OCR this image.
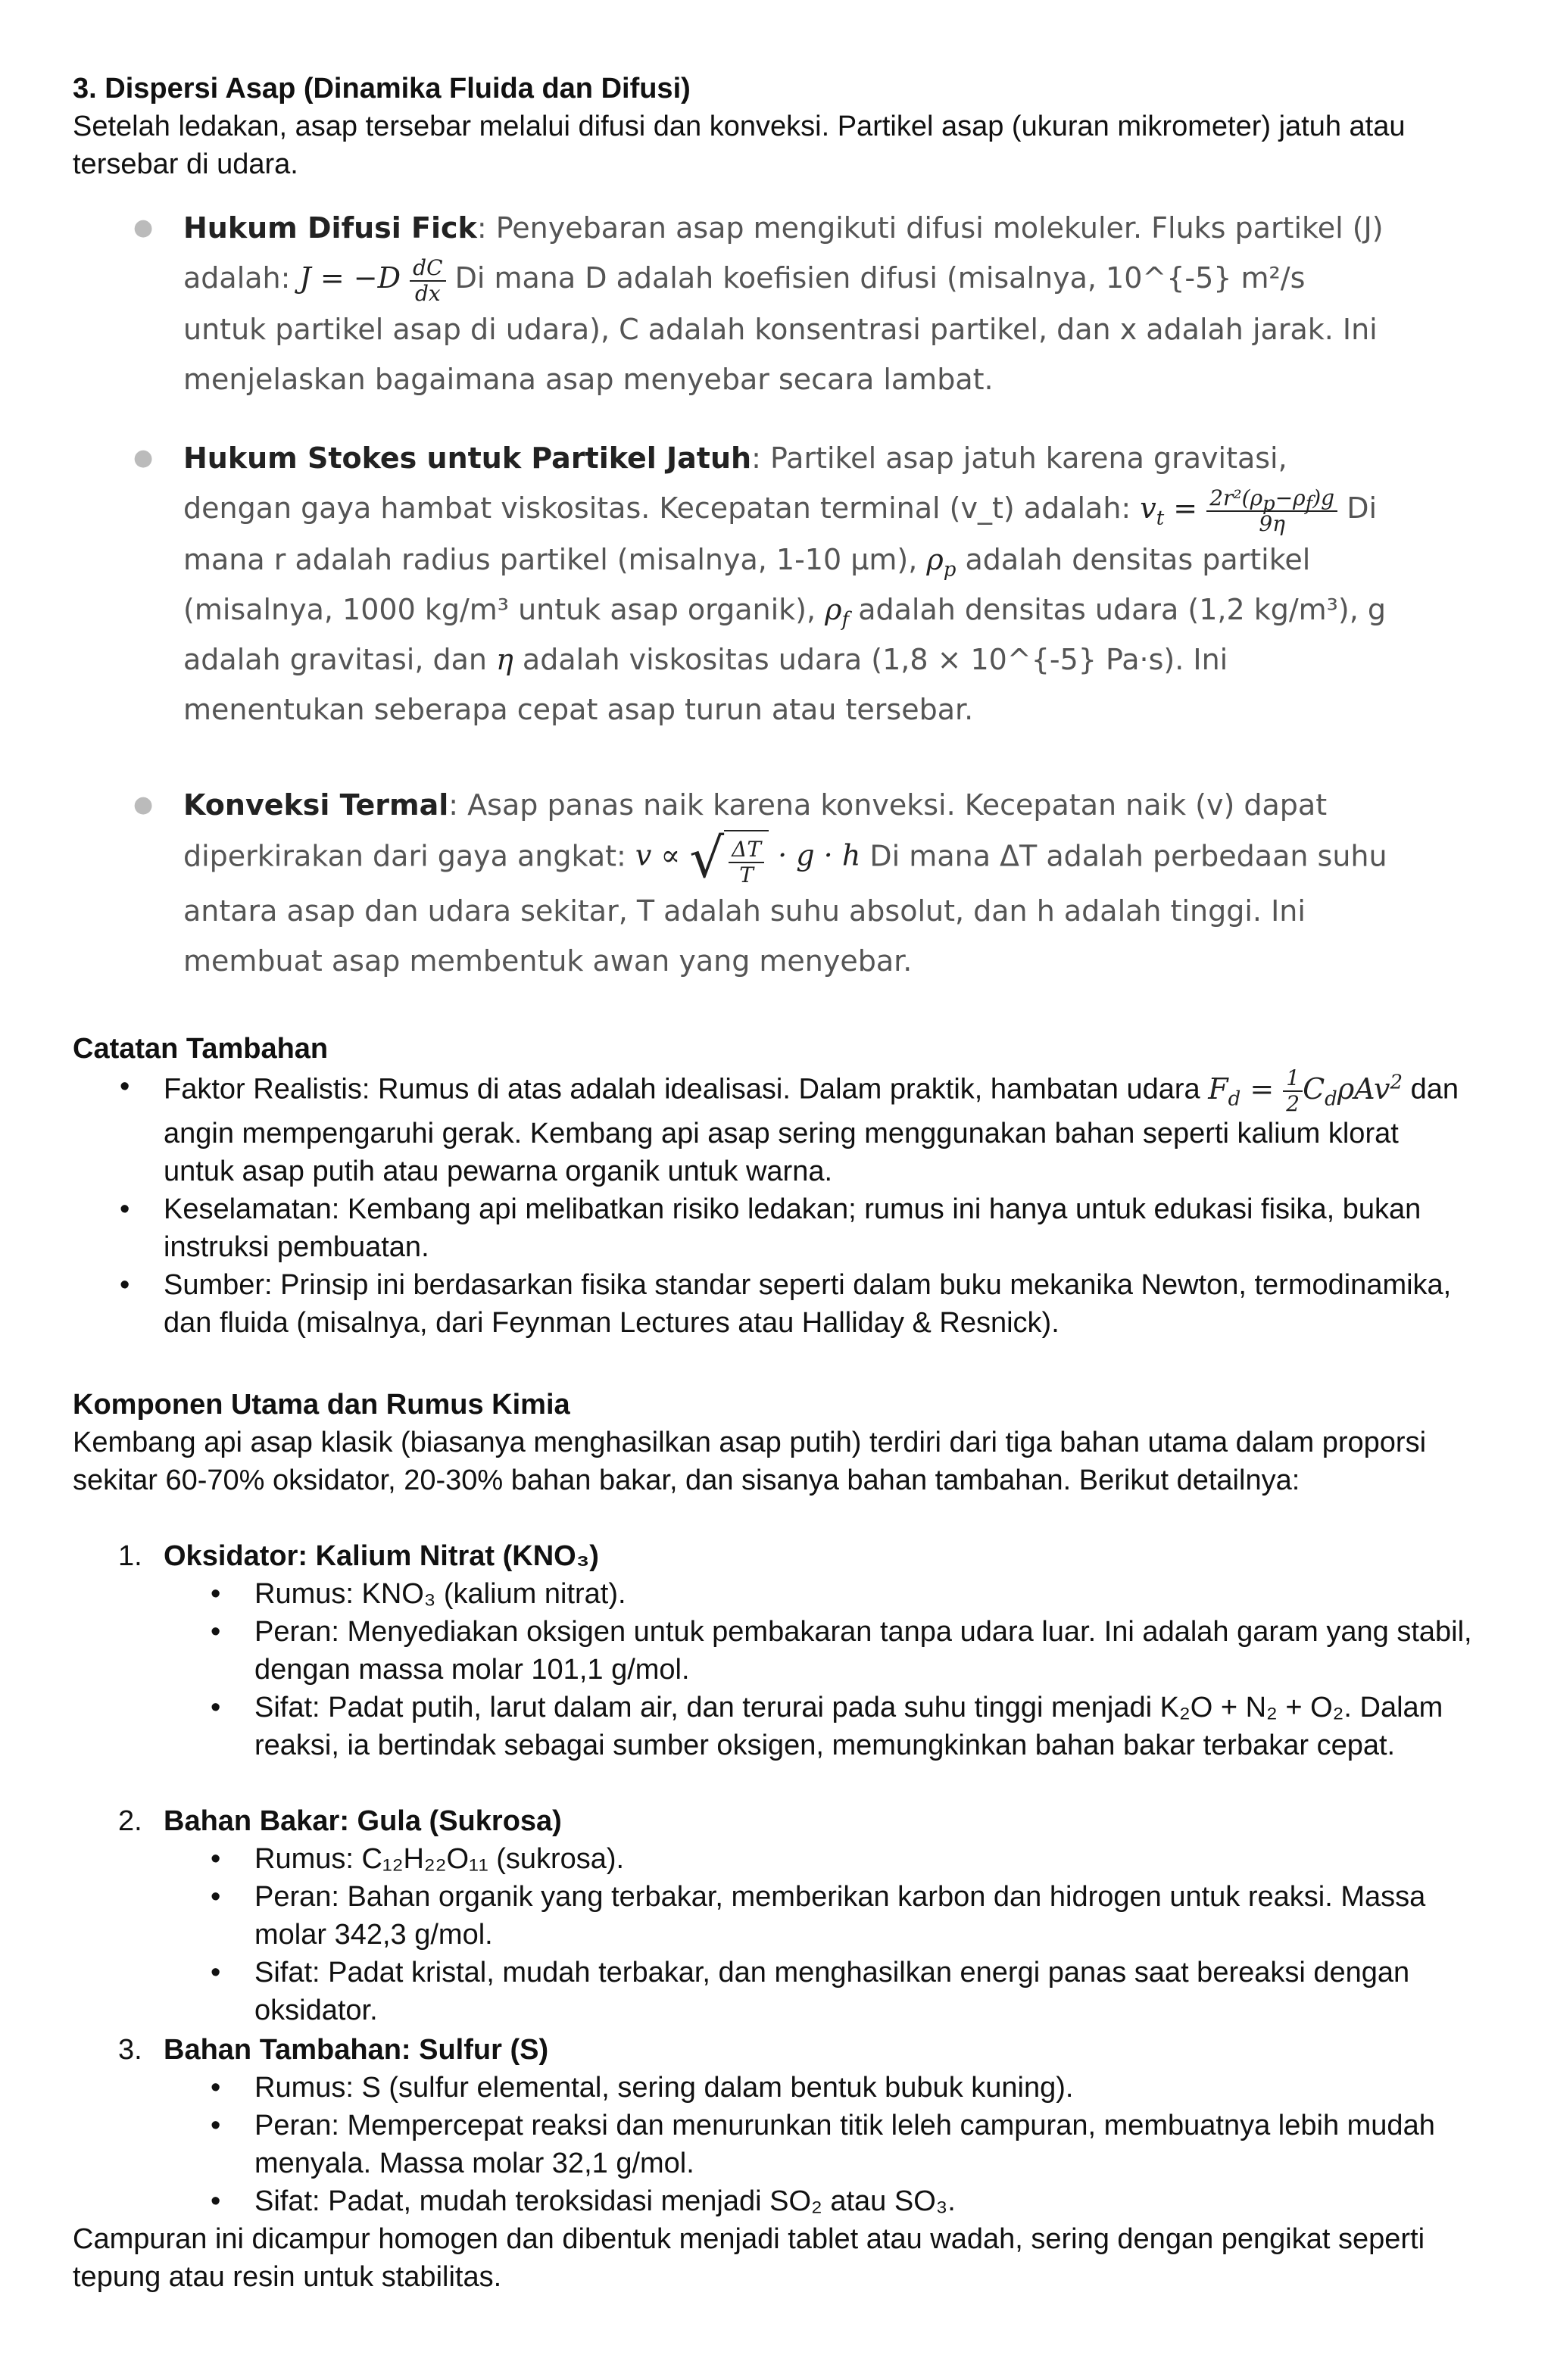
3. Dispersi Asap (Dinamika Fluida dan Difusi)
Setelah ledakan, asap tersebar melalui difusi dan konveksi. Partikel asap (ukuran mikrometer) jatuh atau tersebar di udara.
● Hukum Difusi Fick: Penyebaran asap mengikuti difusi molekuler. Fluks partikel (J) adalah: $J = -D \frac{dC}{dx}$ Di mana D adalah koefisien difusi (misalnya, 10^{-5} m²/s untuk partikel asap di udara), C adalah konsentrasi partikel, dan x adalah jarak. Ini menjelaskan bagaimana asap menyebar secara lambat.
● Hukum Stokes untuk Partikel Jatuh: Partikel asap jatuh karena gravitasi, dengan gaya hambat viskositas. Kecepatan terminal (v_t) adalah: $v_t = \frac{2r^2(\rho_p-\rho_f)g}{9\eta}$ Di mana r adalah radius partikel (misalnya, 1-10 µm), $\rho_p$ adalah densitas partikel (misalnya, 1000 kg/m³ untuk asap organik), $\rho_f$ adalah densitas udara (1,2 kg/m³), g adalah gravitasi, dan η adalah viskositas udara (1,8 × 10^{-5} Pa·s). Ini menentukan seberapa cepat asap turun atau tersebar.
● Konveksi Termal: Asap panas naik karena konveksi. Kecepatan naik (v) dapat diperkirakan dari gaya angkat: v ∝ √ $\frac{\Delta T}{T} \cdot g \cdot h$ Di mana ΔT adalah perbedaan suhu antara asap dan udara sekitar, T adalah suhu absolut, dan h adalah tinggi. Ini membuat asap membentuk awan yang menyebar.
Catatan Tambahan
• Faktor Realistis: Rumus di atas adalah idealisasi. Dalam praktik, hambatan udara $F_d = \frac{1}{2} C_d\rho Av^2$ dan angin mempengaruhi gerak. Kembang api asap sering menggunakan bahan seperti kalium klorat untuk asap putih atau pewarna organik untuk warna.
• Keselamatan: Kembang api melibatkan risiko ledakan; rumus ini hanya untuk edukasi fisika, bukan instruksi pembuatan.
• Sumber: Prinsip ini berdasarkan fisika standar seperti dalam buku mekanika Newton, termodinamika, dan fluida (misalnya, dari Feynman Lectures atau Halliday & Resnick).
Komponen Utama dan Rumus Kimia
Kembang api asap klasik (biasanya menghasilkan asap putih) terdiri dari tiga bahan utama dalam proporsi sekitar 60-70% oksidator, 20-30% bahan bakar, dan sisanya bahan tambahan. Berikut detailnya:
1. Oksidator: Kalium Nitrat (KNO₃)
• Rumus: KNO₃ (kalium nitrat).
• Peran: Menyediakan oksigen untuk pembakaran tanpa udara luar. Ini adalah garam yang stabil, dengan massa molar 101,1 g/mol.
• Sifat: Padat putih, larut dalam air, dan terurai pada suhu tinggi menjadi K₂O + N₂ + O₂. Dalam reaksi, ia bertindak sebagai sumber oksigen, memungkinkan bahan bakar terbakar cepat.
2. Bahan Bakar: Gula (Sukrosa)
• Rumus: C₁₂H₂₂O₁₁ (sukrosa).
• Peran: Bahan organik yang terbakar, memberikan karbon dan hidrogen untuk reaksi. Massa molar 342,3 g/mol.
• Sifat: Padat kristal, mudah terbakar, dan menghasilkan energi panas saat bereaksi dengan oksidator.
3. Bahan Tambahan: Sulfur (S)
• Rumus: S (sulfur elemental, sering dalam bentuk bubuk kuning).
• Peran: Mempercepat reaksi dan menurunkan titik leleh campuran, membuatnya lebih mudah menyala. Massa molar 32,1 g/mol.
• Sifat: Padat, mudah teroksidasi menjadi SO₂ atau SO₃.
Campuran ini dicampur homogen dan dibentuk menjadi tablet atau wadah, sering dengan pengikat seperti tepung atau resin untuk stabilitas.
